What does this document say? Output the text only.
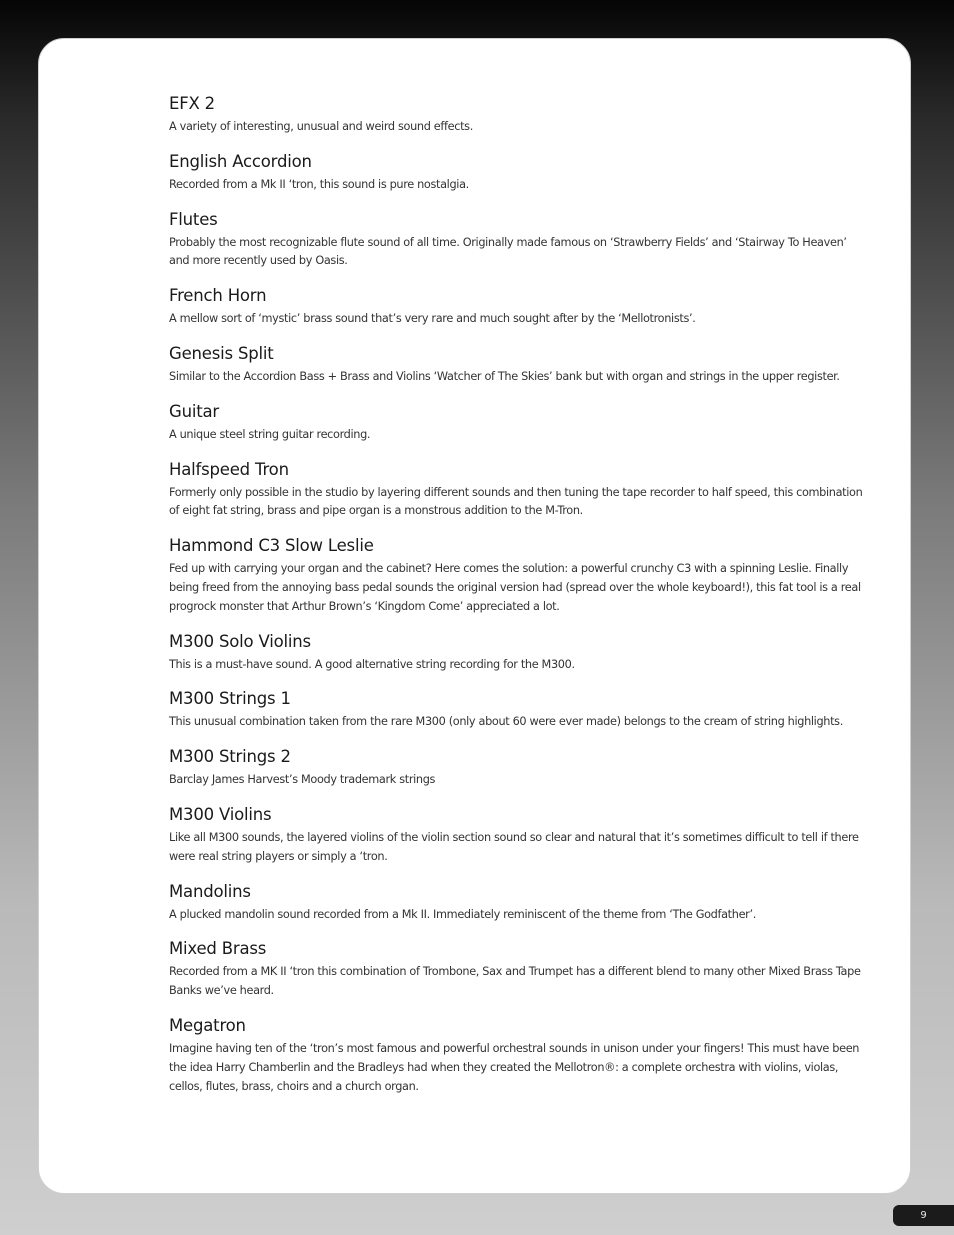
EFX 2

A variety of interesting, unusual and weird sound effects.

English Accordion

Recorded from a Mk II ‘tron, this sound is pure nostalgia.

Flutes

Probably the most recognizable flute sound of all time. Originally made famous on ‘Strawberry Fields’ and ‘Stairway To Heaven’ and more recently used by Oasis.

French Horn

A mellow sort of ‘mystic’ brass sound that’s very rare and much sought after by the ‘Mellotronists’.

Genesis Split

Similar to the Accordion Bass + Brass and Violins ‘Watcher of The Skies’ bank but with organ and strings in the upper register.

Guitar

A unique steel string guitar recording.

Halfspeed Tron

Formerly only possible in the studio by layering different sounds and then tuning the tape recorder to half speed, this combination of eight fat string, brass and pipe organ is a monstrous addition to the M-Tron.

Hammond C3 Slow Leslie

Fed up with carrying your organ and the cabinet? Here comes the solution: a powerful crunchy C3 with a spinning Leslie. Finally being freed from the annoying bass pedal sounds the original version had (spread over the whole keyboard!), this fat tool is a real progrock monster that Arthur Brown’s ‘Kingdom Come’ appreciated a lot.

M300 Solo Violins

This is a must-have sound. A good alternative string recording for the M300.

M300 Strings 1

This unusual combination taken from the rare M300 (only about 60 were ever made) belongs to the cream of string highlights.

M300 Strings 2

Barclay James Harvest’s Moody trademark strings

M300 Violins

Like all M300 sounds, the layered violins of the violin section sound so clear and natural that it’s sometimes difficult to tell if there were real string players or simply a ‘tron.

Mandolins

A plucked mandolin sound recorded from a Mk II. Immediately reminiscent of the theme from ‘The Godfather’.

Mixed Brass

Recorded from a MK II ‘tron this combination of Trombone, Sax and Trumpet has a different blend to many other Mixed Brass Tape Banks we’ve heard.

Megatron

Imagine having ten of the ‘tron’s most famous and powerful orchestral sounds in unison under your fingers! This must have been the idea Harry Chamberlin and the Bradleys had when they created the Mellotron®: a complete orchestra with violins, violas, cellos, flutes, brass, choirs and a church organ.

9
